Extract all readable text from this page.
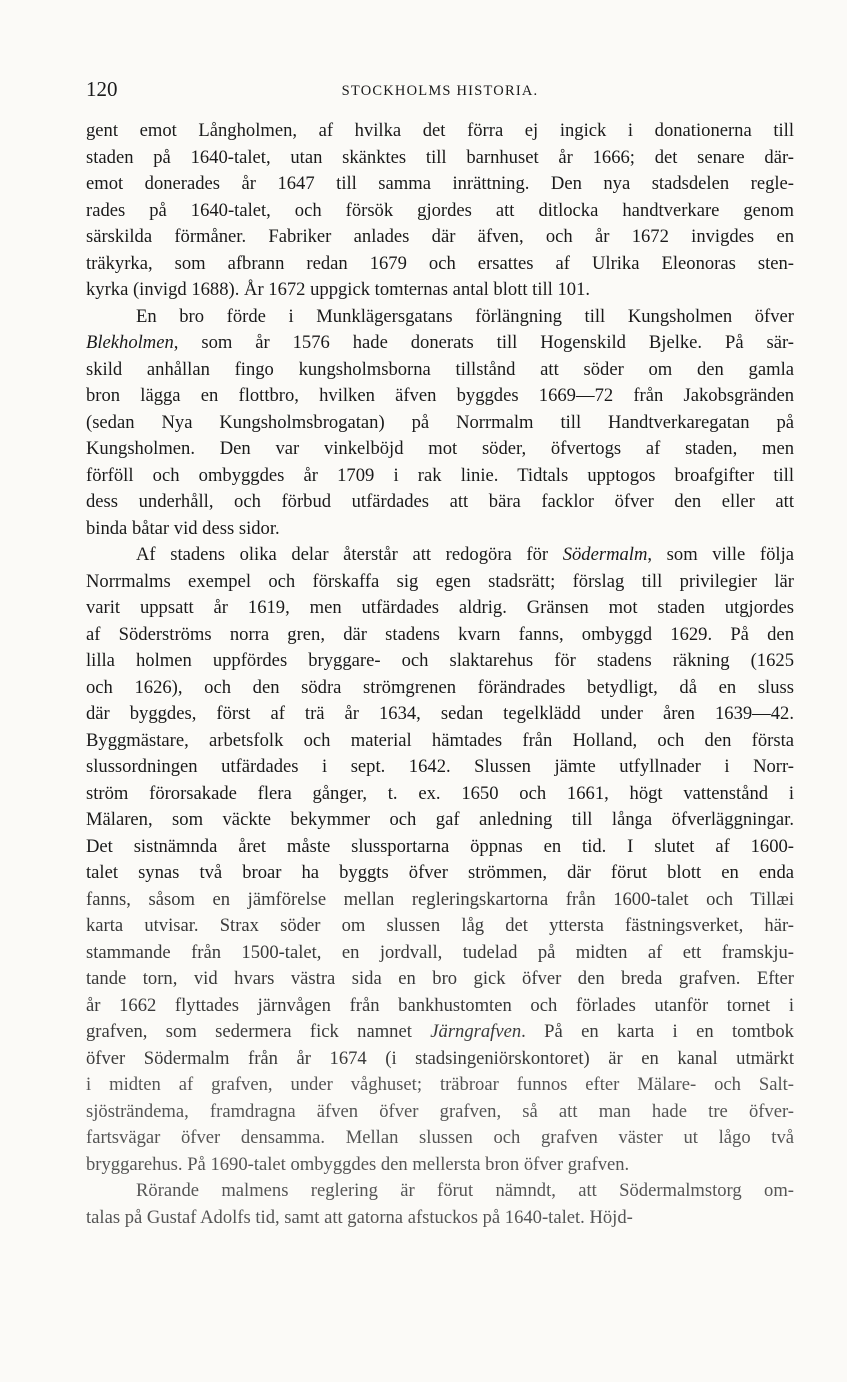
120	STOCKHOLMS HISTORIA.
gent emot Långholmen, af hvilka det förra ej ingick i donationerna till
staden på 1640-talet, utan skänktes till barnhuset år 1666; det senare där-
emot donerades år 1647 till samma inrättning. Den nya stadsdelen regle-
rades på 1640-talet, och försök gjordes att ditlocka handtverkare genom
särskilda förmåner. Fabriker anlades där äfven, och år 1672 invigdes en
träkyrka, som afbrann redan 1679 och ersattes af Ulrika Eleonoras sten-
kyrka (invigd 1688). År 1672 uppgick tomternas antal blott till 101.
En bro förde i Munklägersgatans förlängning till Kungsholmen öfver
Blekholmen, som år 1576 hade donerats till Hogenskild Bjelke. På sär-
skild anhållan fingo kungsholmsborna tillstånd att söder om den gamla
bron lägga en flottbro, hvilken äfven byggdes 1669—72 från Jakobsgränden
(sedan Nya Kungsholmsbrogatan) på Norrmalm till Handtverkaregatan på
Kungsholmen. Den var vinkelböjd mot söder, öfvertogs af staden, men
förföll och ombyggdes år 1709 i rak linie. Tidtals upptogos broafgifter till
dess underhåll, och förbud utfärdades att bära facklor öfver den eller att
binda båtar vid dess sidor.
Af stadens olika delar återstår att redogöra för Södermalm, som ville följa
Norrmalms exempel och förskaffa sig egen stadsrätt; förslag till privilegier lär
varit uppsatt år 1619, men utfärdades aldrig. Gränsen mot staden utgjordes
af Söderströms norra gren, där stadens kvarn fanns, ombyggd 1629. På den
lilla holmen uppfördes bryggare- och slaktarehus för stadens räkning (1625
och 1626), och den södra strömgrenen förändrades betydligt, då en sluss
där byggdes, först af trä år 1634, sedan tegelklädd under åren 1639—42.
Byggmästare, arbetsfolk och material hämtades från Holland, och den första
slussordningen utfärdades i sept. 1642. Slussen jämte utfyllnader i Norr-
ström förorsakade flera gånger, t. ex. 1650 och 1661, högt vattenstånd i
Mälaren, som väckte bekymmer och gaf anledning till långa öfverläggningar.
Det sistnämnda året måste slussportarna öppnas en tid. I slutet af 1600-
talet synas två broar ha byggts öfver strömmen, där förut blott en enda
fanns, såsom en jämförelse mellan regleringskartorna från 1600-talet och Tillæi
karta utvisar. Strax söder om slussen låg det yttersta fästningsverket, här-
stammande från 1500-talet, en jordvall, tudelad på midten af ett framskju-
tande torn, vid hvars västra sida en bro gick öfver den breda grafven. Efter
år 1662 flyttades järnvågen från bankhustomten och förlades utanför tornet i
grafven, som sedermera fick namnet Järngrafven. På en karta i en tomtbok
öfver Södermalm från år 1674 (i stadsingeniörskontoret) är en kanal utmärkt
i midten af grafven, under våghuset; träbroar funnos efter Mälare- och Salt-
sjösträndema, framdragna äfven öfver grafven, så att man hade tre öfver-
fartsvägar öfver densamma. Mellan slussen och grafven väster ut lågo två
bryggarehus. På 1690-talet ombyggdes den mellersta bron öfver grafven.
Rörande malmens reglering är förut nämndt, att Södermalmstorg om-
talas på Gustaf Adolfs tid, samt att gatorna afstuckos på 1640-talet. Höjd-
